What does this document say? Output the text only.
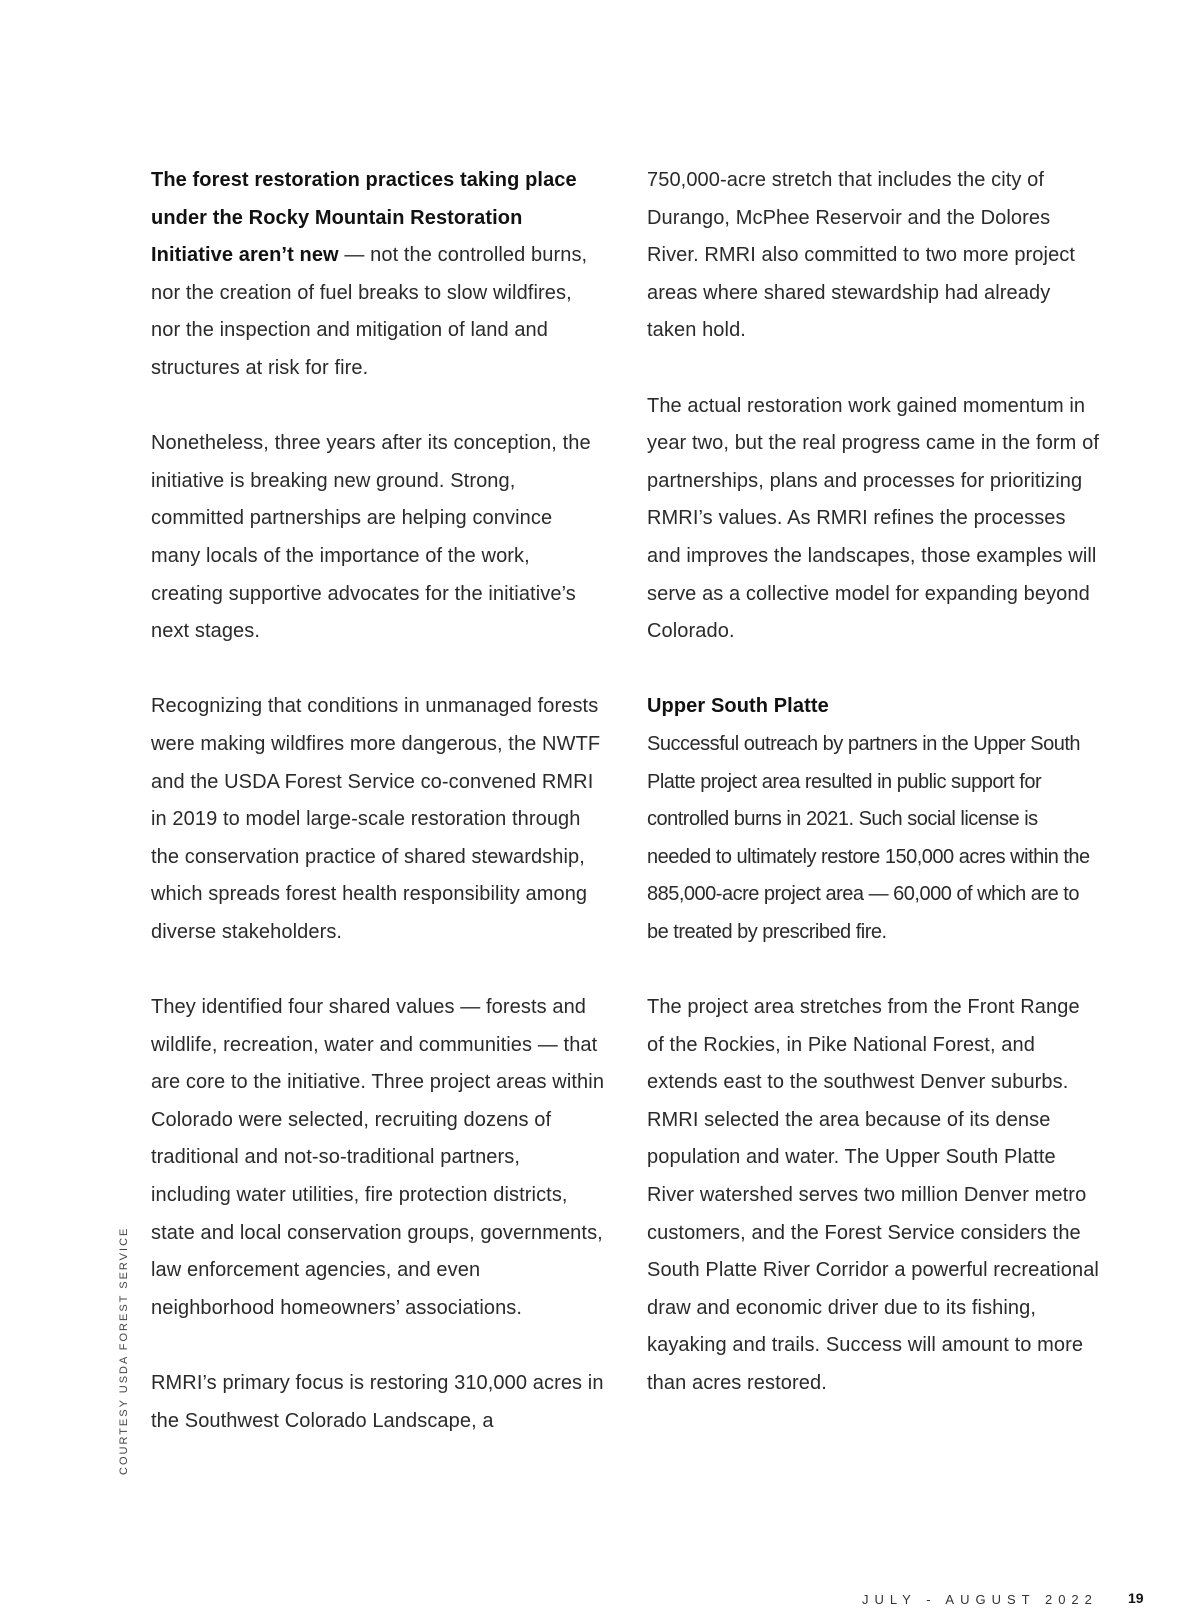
The forest restoration practices taking place under the Rocky Mountain Restoration Initiative aren’t new — not the controlled burns, nor the creation of fuel breaks to slow wildfires, nor the inspection and mitigation of land and structures at risk for fire.

Nonetheless, three years after its conception, the initiative is breaking new ground. Strong, committed partnerships are helping convince many locals of the importance of the work, creating supportive advocates for the initiative’s next stages.

Recognizing that conditions in unmanaged forests were making wildfires more dangerous, the NWTF and the USDA Forest Service co-convened RMRI in 2019 to model large-scale restoration through the conservation practice of shared stewardship, which spreads forest health responsibility among diverse stakeholders.

They identified four shared values — forests and wildlife, recreation, water and communities — that are core to the initiative. Three project areas within Colorado were selected, recruiting dozens of traditional and not-so-traditional partners, including water utilities, fire protection districts, state and local conservation groups, governments, law enforcement agencies, and even neighborhood homeowners’ associations.

RMRI’s primary focus is restoring 310,000 acres in the Southwest Colorado Landscape, a

750,000-acre stretch that includes the city of Durango, McPhee Reservoir and the Dolores River. RMRI also committed to two more project areas where shared stewardship had already taken hold.

The actual restoration work gained momentum in year two, but the real progress came in the form of partnerships, plans and processes for prioritizing RMRI’s values. As RMRI refines the processes and improves the landscapes, those examples will serve as a collective model for expanding beyond Colorado.

Upper South Platte
Successful outreach by partners in the Upper South Platte project area resulted in public support for controlled burns in 2021. Such social license is needed to ultimately restore 150,000 acres within the 885,000-acre project area — 60,000 of which are to be treated by prescribed fire.

The project area stretches from the Front Range of the Rockies, in Pike National Forest, and extends east to the southwest Denver suburbs. RMRI selected the area because of its dense population and water. The Upper South Platte River watershed serves two million Denver metro customers, and the Forest Service considers the South Platte River Corridor a powerful recreational draw and economic driver due to its fishing, kayaking and trails. Success will amount to more than acres restored.

COURTESY USDA FOREST SERVICE
JULY - AUGUST 2022 19
